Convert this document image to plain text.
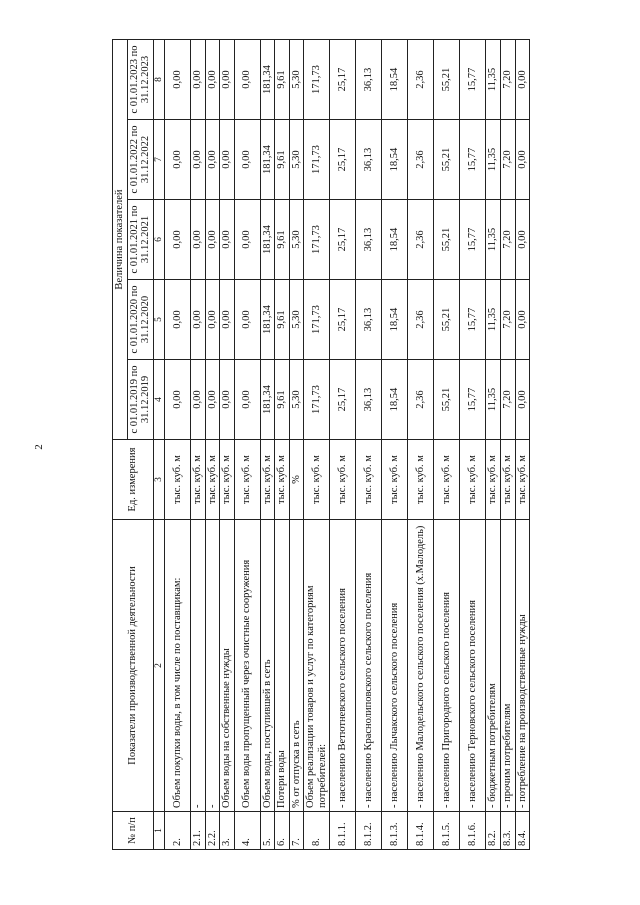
2
№ п/п	Показатели производственной деятельности	Ед. измерения	Величина показателей				
			с 01.01.2019 по 31.12.2019	с 01.01.2020 по 31.12.2020	с 01.01.2021 по 31.12.2021	с 01.01.2022 по 31.12.2022	с 01.01.2023 по 31.12.2023
1	2	3	4	5	6	7	8
2.	Объем покупки воды, в том числе по поставщикам:	тыс. куб. м	0,00	0,00	0,00	0,00	0,00
2.1.	-	тыс. куб. м	0,00	0,00	0,00	0,00	0,00
2.2.	-	тыс. куб. м	0,00	0,00	0,00	0,00	0,00
3.	Объем воды на собственные нужды	тыс. куб. м	0,00	0,00	0,00	0,00	0,00
4.	Объем воды пропущенный через очистные сооружения	тыс. куб. м	0,00	0,00	0,00	0,00	0,00
5.	Объем воды, поступившей в сеть	тыс. куб. м	181,34	181,34	181,34	181,34	181,34
6.	Потери воды	тыс. куб. м	9,61	9,61	9,61	9,61	9,61
7.	% от отпуска в сеть	%	5,30	5,30	5,30	5,30	5,30
8.	Объем реализации товаров и услуг по категориям потребителей:	тыс. куб. м	171,73	171,73	171,73	171,73	171,73
8.1.1.	- населению Ветютневского сельского поселения	тыс. куб. м	25,17	25,17	25,17	25,17	25,17
8.1.2.	- населению Краснолиповского сельского поселения	тыс. куб. м	36,13	36,13	36,13	36,13	36,13
8.1.3.	- населению Лычакского сельского поселения	тыс. куб. м	18,54	18,54	18,54	18,54	18,54
8.1.4.	- населению Малодельского сельского поселения (х.Малодель)	тыс. куб. м	2,36	2,36	2,36	2,36	2,36
8.1.5.	- населению Пригородного сельского поселения	тыс. куб. м	55,21	55,21	55,21	55,21	55,21
8.1.6.	- населению Терновского сельского поселения	тыс. куб. м	15,77	15,77	15,77	15,77	15,77
8.2.	- бюджетным потребителям	тыс. куб. м	11,35	11,35	11,35	11,35	11,35
8.3.	- прочим потребителям	тыс. куб. м	7,20	7,20	7,20	7,20	7,20
8.4.	- потребление на производственные нужды	тыс. куб. м	0,00	0,00	0,00	0,00	0,00
